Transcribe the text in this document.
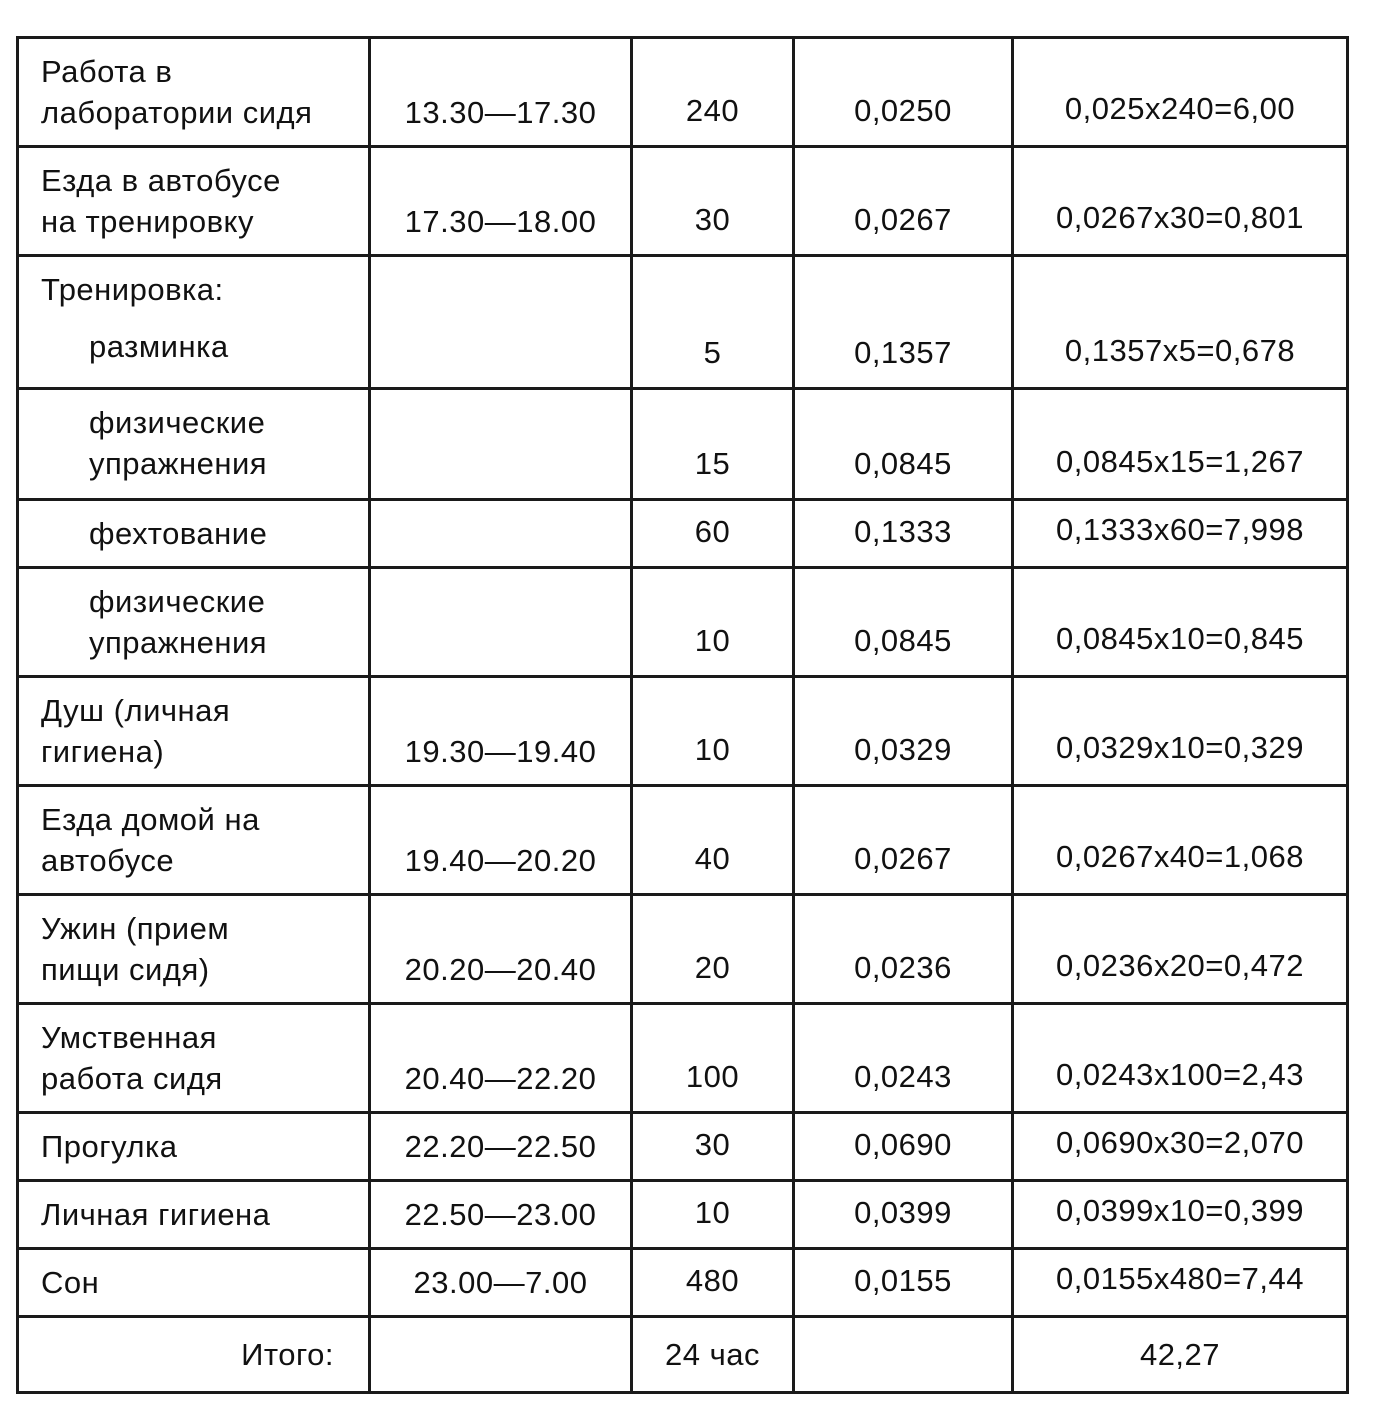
Работа в
лаборатории сидя	13.30—17.30	240	0,0250	0,025x240=6,00

Езда в автобусе
на тренировку	17.30—18.00	30	0,0267	0,0267x30=0,801

Тренировка:				

разминка		5	0,1357	0,1357x5=0,678

физические
упражнения		15	0,0845	0,0845x15=1,267

фехтование		60	0,1333	0,1333x60=7,998

физические
упражнения		10	0,0845	0,0845x10=0,845

Душ (личная
гигиена)	19.30—19.40	10	0,0329	0,0329x10=0,329

Езда домой на
автобусе	19.40—20.20	40	0,0267	0,0267x40=1,068

Ужин (прием
пищи сидя)	20.20—20.40	20	0,0236	0,0236x20=0,472

Умственная
работа сидя	20.40—22.20	100	0,0243	0,0243x100=2,43

Прогулка	22.20—22.50	30	0,0690	0,0690x30=2,070

Личная гигиена	22.50—23.00	10	0,0399	0,0399x10=0,399

Сон	23.00—7.00	480	0,0155	0,0155x480=7,44
Итого:		24 час		42,27
